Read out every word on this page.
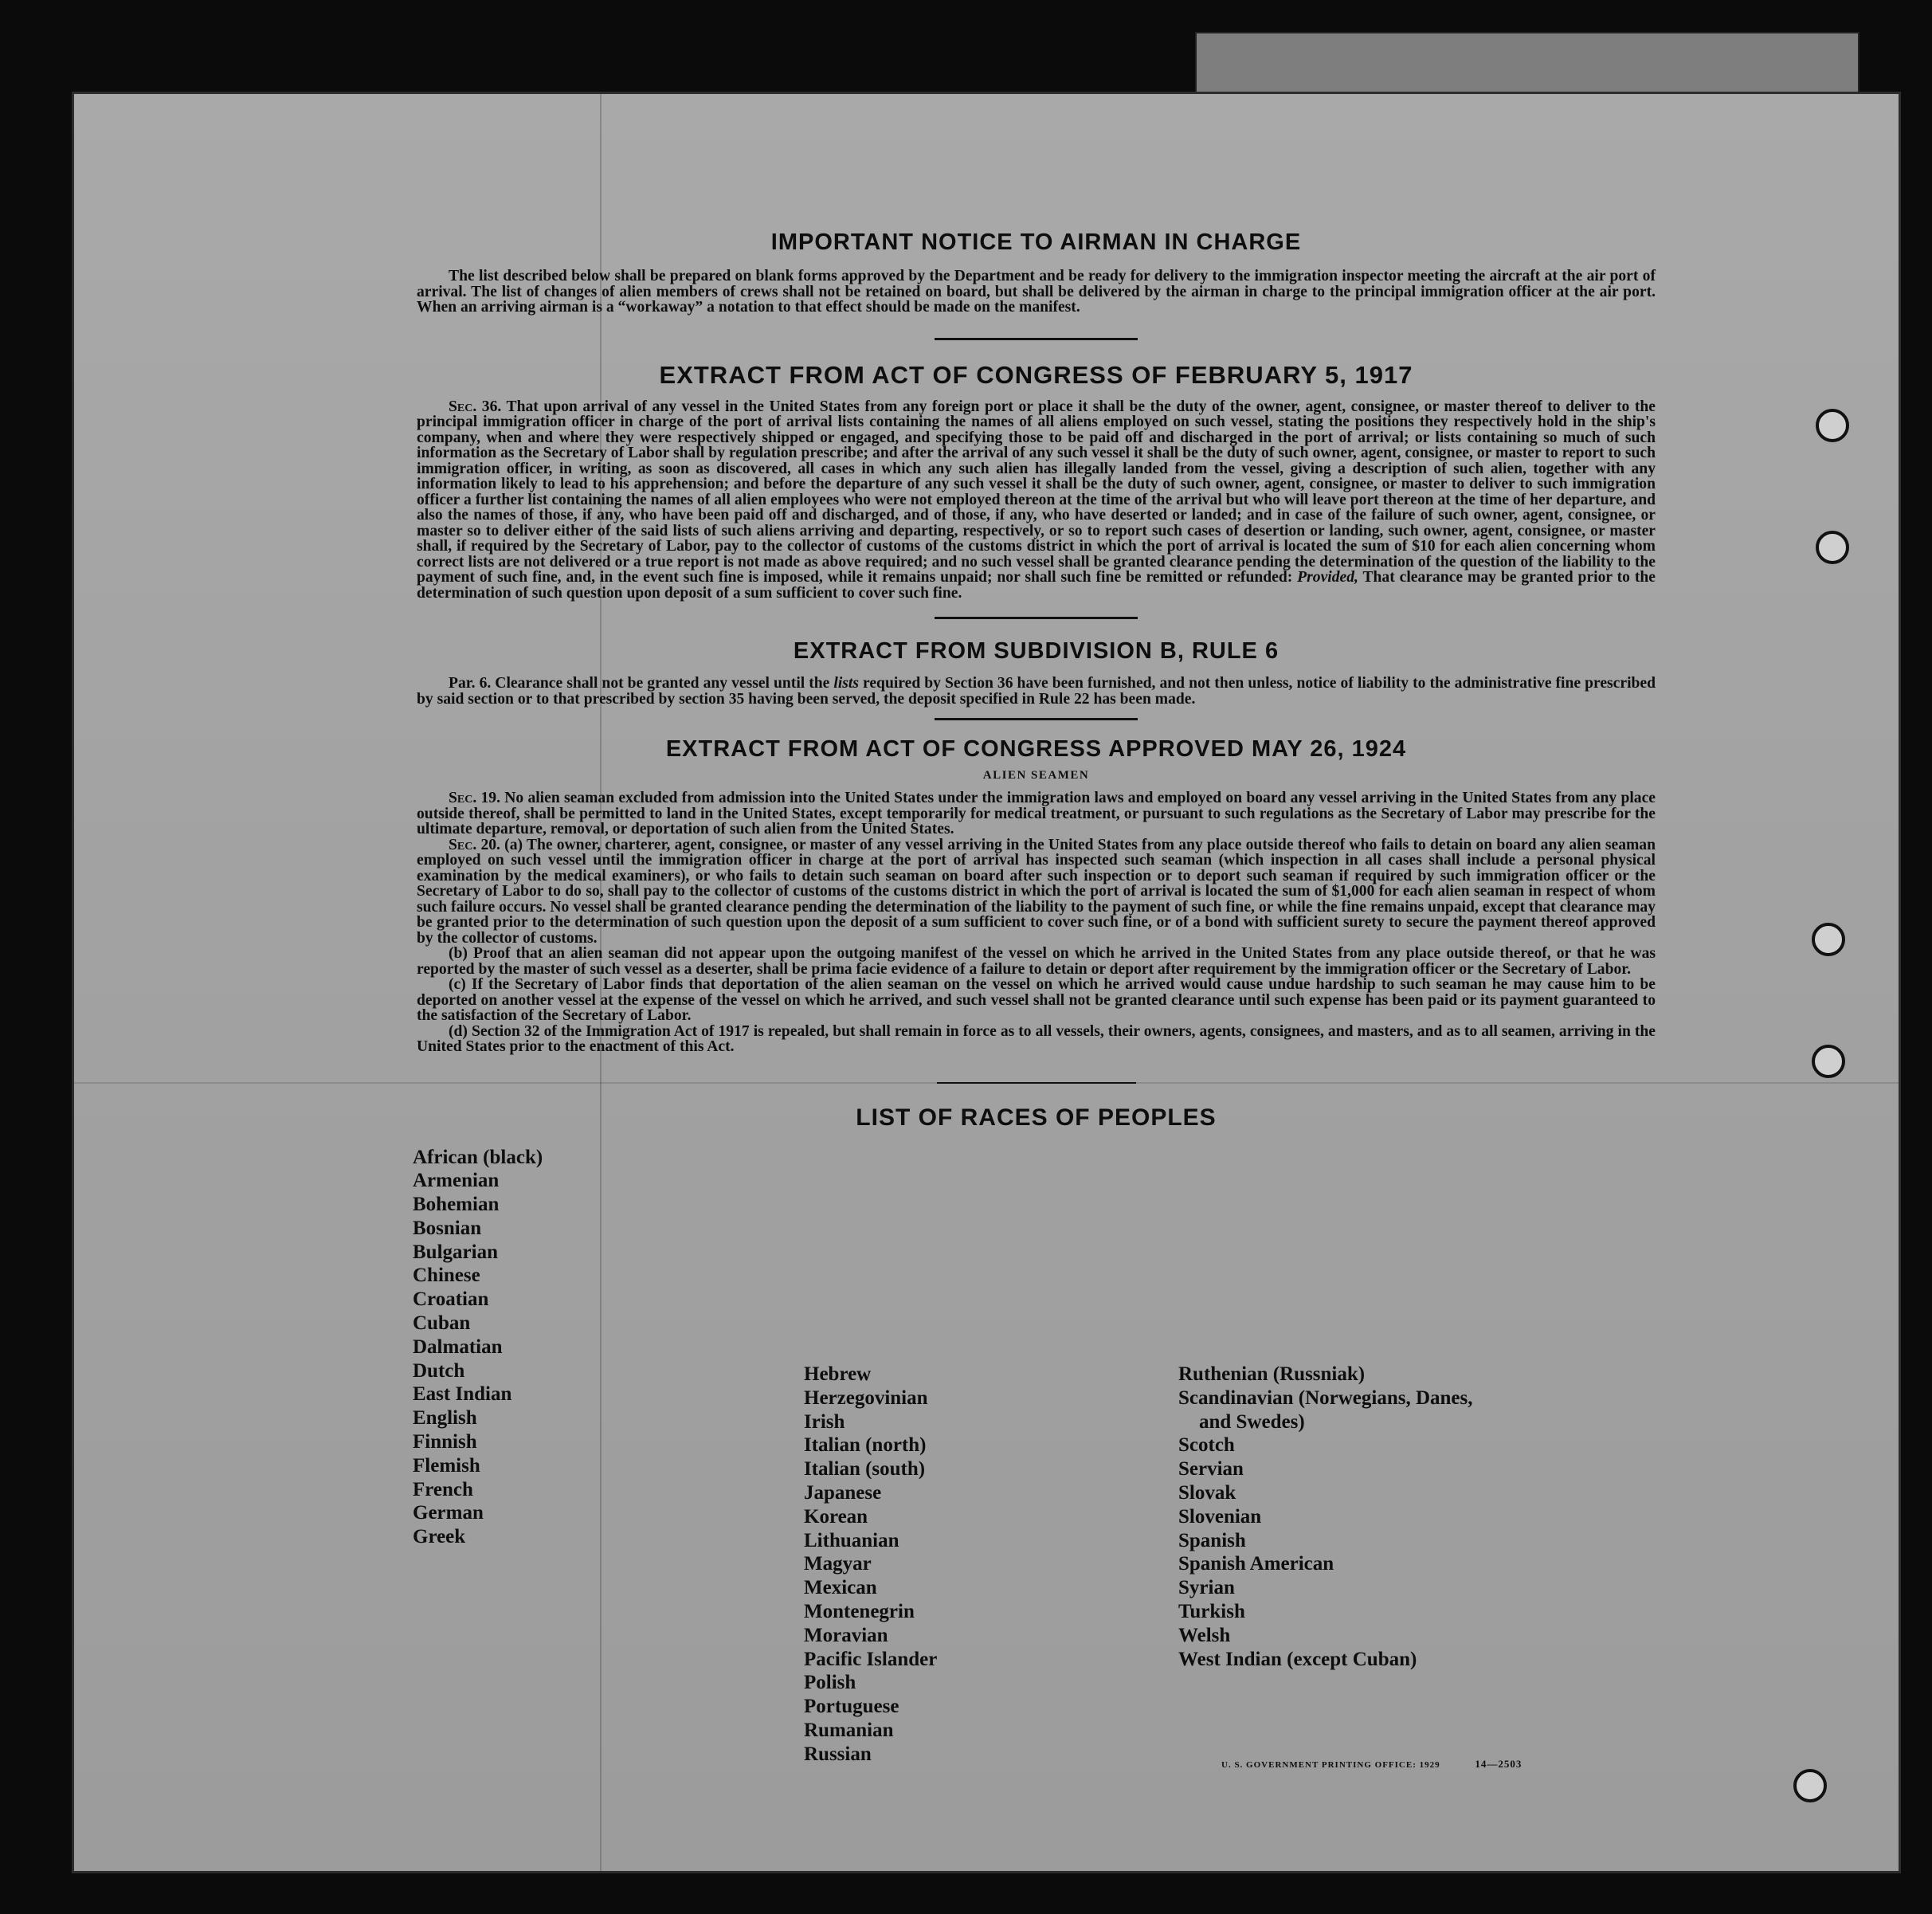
IMPORTANT NOTICE TO AIRMAN IN CHARGE

The list described below shall be prepared on blank forms approved by the Department and be ready for delivery to the immigration inspector meeting the aircraft at the air port of arrival. The list of changes of alien members of crews shall not be retained on board, but shall be delivered by the airman in charge to the principal immigration officer at the air port. When an arriving airman is a “workaway” a notation to that effect should be made on the manifest.

EXTRACT FROM ACT OF CONGRESS OF FEBRUARY 5, 1917

Sec. 36. That upon arrival of any vessel in the United States from any foreign port or place it shall be the duty of the owner, agent, consignee, or master thereof to deliver to the principal immigration officer in charge of the port of arrival lists containing the names of all aliens employed on such vessel, stating the positions they respectively hold in the ship's company, when and where they were respectively shipped or engaged, and specifying those to be paid off and discharged in the port of arrival; or lists containing so much of such information as the Secretary of Labor shall by regulation prescribe; and after the arrival of any such vessel it shall be the duty of such owner, agent, consignee, or master to report to such immigration officer, in writing, as soon as discovered, all cases in which any such alien has illegally landed from the vessel, giving a description of such alien, together with any information likely to lead to his apprehension; and before the departure of any such vessel it shall be the duty of such owner, agent, consignee, or master to deliver to such immigration officer a further list containing the names of all alien employees who were not employed thereon at the time of the arrival but who will leave port thereon at the time of her departure, and also the names of those, if any, who have been paid off and discharged, and of those, if any, who have deserted or landed; and in case of the failure of such owner, agent, consignee, or master so to deliver either of the said lists of such aliens arriving and departing, respectively, or so to report such cases of desertion or landing, such owner, agent, consignee, or master shall, if required by the Secretary of Labor, pay to the collector of customs of the customs district in which the port of arrival is located the sum of $10 for each alien concerning whom correct lists are not delivered or a true report is not made as above required; and no such vessel shall be granted clearance pending the determination of the question of the liability to the payment of such fine, and, in the event such fine is imposed, while it remains unpaid; nor shall such fine be remitted or refunded: Provided, That clearance may be granted prior to the determination of such question upon deposit of a sum sufficient to cover such fine.

EXTRACT FROM SUBDIVISION B, RULE 6

Par. 6. Clearance shall not be granted any vessel until the lists required by Section 36 have been furnished, and not then unless, notice of liability to the administrative fine prescribed by said section or to that prescribed by section 35 having been served, the deposit specified in Rule 22 has been made.

EXTRACT FROM ACT OF CONGRESS APPROVED MAY 26, 1924
ALIEN SEAMEN

Sec. 19. No alien seaman excluded from admission into the United States under the immigration laws and employed on board any vessel arriving in the United States from any place outside thereof, shall be permitted to land in the United States, except temporarily for medical treatment, or pursuant to such regulations as the Secretary of Labor may prescribe for the ultimate departure, removal, or deportation of such alien from the United States.

Sec. 20. (a) The owner, charterer, agent, consignee, or master of any vessel arriving in the United States from any place outside thereof who fails to detain on board any alien seaman employed on such vessel until the immigration officer in charge at the port of arrival has inspected such seaman (which inspection in all cases shall include a personal physical examination by the medical examiners), or who fails to detain such seaman on board after such inspection or to deport such seaman if required by such immigration officer or the Secretary of Labor to do so, shall pay to the collector of customs of the customs district in which the port of arrival is located the sum of $1,000 for each alien seaman in respect of whom such failure occurs. No vessel shall be granted clearance pending the determination of the liability to the payment of such fine, or while the fine remains unpaid, except that clearance may be granted prior to the determination of such question upon the deposit of a sum sufficient to cover such fine, or of a bond with sufficient surety to secure the payment thereof approved by the collector of customs.

(b) Proof that an alien seaman did not appear upon the outgoing manifest of the vessel on which he arrived in the United States from any place outside thereof, or that he was reported by the master of such vessel as a deserter, shall be prima facie evidence of a failure to detain or deport after requirement by the immigration officer or the Secretary of Labor.

(c) If the Secretary of Labor finds that deportation of the alien seaman on the vessel on which he arrived would cause undue hardship to such seaman he may cause him to be deported on another vessel at the expense of the vessel on which he arrived, and such vessel shall not be granted clearance until such expense has been paid or its payment guaranteed to the satisfaction of the Secretary of Labor.

(d) Section 32 of the Immigration Act of 1917 is repealed, but shall remain in force as to all vessels, their owners, agents, consignees, and masters, and as to all seamen, arriving in the United States prior to the enactment of this Act.

LIST OF RACES OF PEOPLES
African (black)
Armenian
Bohemian
Bosnian
Bulgarian
Chinese
Croatian
Cuban
Dalmatian
Dutch
East Indian
English
Finnish
Flemish
French
German
Greek
Hebrew
Herzegovinian
Irish
Italian (north)
Italian (south)
Japanese
Korean
Lithuanian
Magyar
Mexican
Montenegrin
Moravian
Pacific Islander
Polish
Portuguese
Rumanian
Russian
Ruthenian (Russniak)
Scandinavian (Norwegians, Danes,
and Swedes)
Scotch
Servian
Slovak
Slovenian
Spanish
Spanish American
Syrian
Turkish
Welsh
West Indian (except Cuban)
U. S. GOVERNMENT PRINTING OFFICE: 1929	14—2503
